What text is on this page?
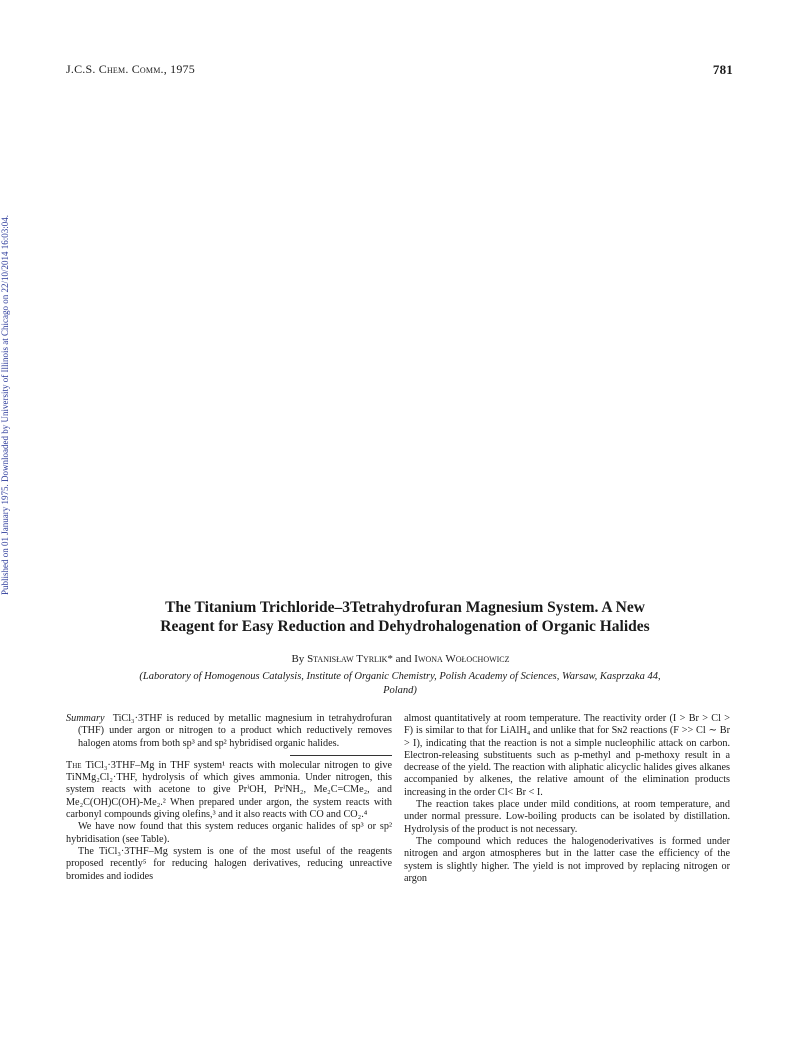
J.C.S. Chem. Comm., 1975	781
Published on 01 January 1975. Downloaded by University of Illinois at Chicago on 22/10/2014 16:03:04.
The Titanium Trichloride–3Tetrahydrofuran Magnesium System. A New
Reagent for Easy Reduction and Dehydrohalogenation of Organic Halides
By Stanisław Tyrlik* and Iwona Wołochowicz
(Laboratory of Homogenous Catalysis, Institute of Organic Chemistry, Polish Academy of Sciences, Warsaw, Kasprzaka 44,
Poland)

Summary TiCl₃·3THF is reduced by metallic magnesium in tetrahydrofuran (THF) under argon or nitrogen to a product which reductively removes halogen atoms from both sp³ and sp² hybridised organic halides.

The TiCl₃·3THF–Mg in THF system¹ reacts with molecular nitrogen to give TiNMg₂Cl₂·THF, hydrolysis of which gives ammonia. Under nitrogen, this system reacts with acetone to give PrⁱOH, PrⁱNH₂, Me₂C=CMe₂, and Me₂C(OH)C(OH)-Me₂.² When prepared under argon, the system reacts with carbonyl compounds giving olefins,³ and it also reacts with CO and CO₂.⁴

We have now found that this system reduces organic halides of sp³ or sp² hybridisation (see Table).

The TiCl₃·3THF–Mg system is one of the most useful of the reagents proposed recently⁵ for reducing halogen derivatives, reducing unreactive bromides and iodides

almost quantitatively at room temperature. The reactivity order (I > Br > Cl > F) is similar to that for LiAlH₄ and unlike that for Sɴ2 reactions (F >> Cl ∼ Br > I), indicating that the reaction is not a simple nucleophilic attack on carbon. Electron-releasing substituents such as p-methyl and p-methoxy result in a decrease of the yield. The reaction with aliphatic alicyclic halides gives alkanes accompanied by alkenes, the relative amount of the elimination products increasing in the order Cl< Br < I.

The reaction takes place under mild conditions, at room temperature, and under normal pressure. Low-boiling products can be isolated by distillation. Hydrolysis of the product is not necessary.

The compound which reduces the halogenoderivatives is formed under nitrogen and argon atmospheres but in the latter case the efficiency of the system is slightly higher. The yield is not improved by replacing nitrogen or argon
